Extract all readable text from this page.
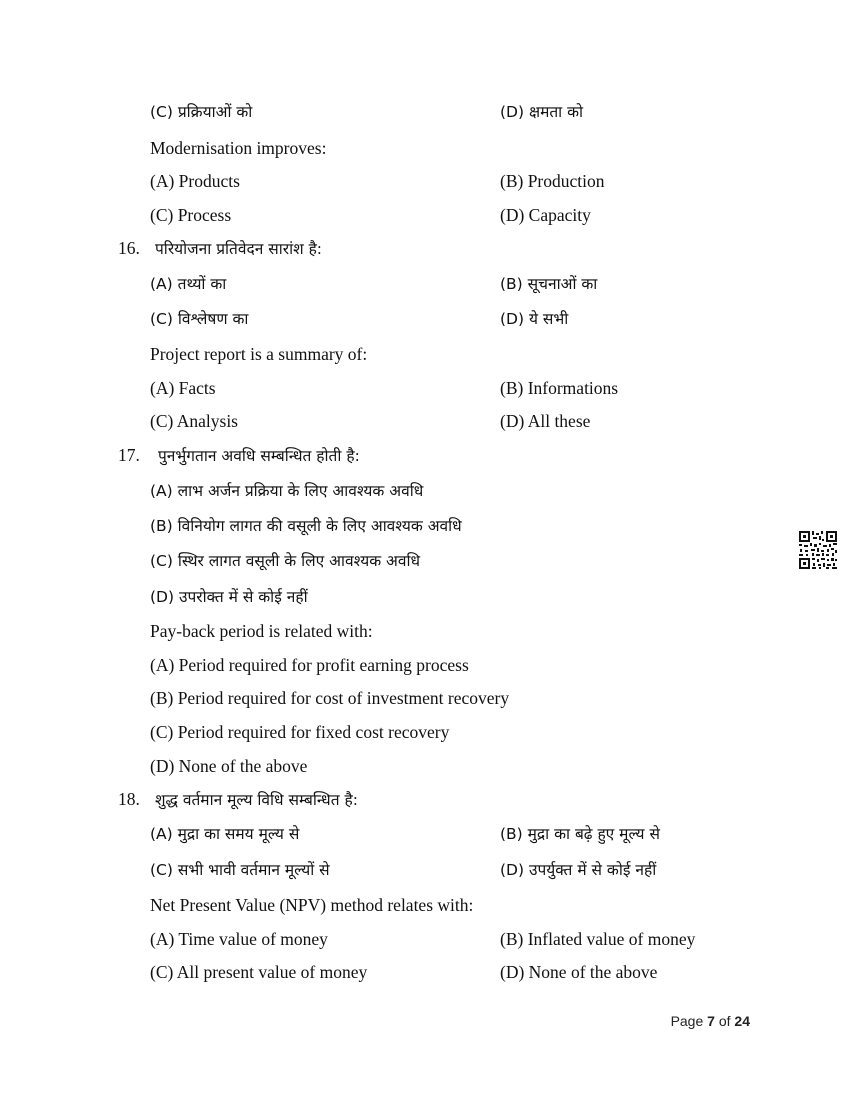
(C) प्रक्रियाओं को	(D) क्षमता को
Modernisation improves:
(A) Products	(B) Production
(C) Process	(D) Capacity
16. परियोजना प्रतिवेदन सारांश है:
(A) तथ्यों का	(B) सूचनाओं का
(C) विश्लेषण का	(D) ये सभी
Project report is a summary of:
(A) Facts	(B) Informations
(C) Analysis	(D) All these
17. पुनर्भुगतान अवधि सम्बन्धित होती है:
(A) लाभ अर्जन प्रक्रिया के लिए आवश्यक अवधि
(B) विनियोग लागत की वसूली के लिए आवश्यक अवधि
(C) स्थिर लागत वसूली के लिए आवश्यक अवधि
(D) उपरोक्त में से कोई नहीं
Pay-back period is related with:
(A) Period required for profit earning process
(B) Period required for cost of investment recovery
(C) Period required for fixed cost recovery
(D) None of the above
18. शुद्ध वर्तमान मूल्य विधि सम्बन्धित है:
(A) मुद्रा का समय मूल्य से	(B) मुद्रा का बढ़े हुए मूल्य से
(C) सभी भावी वर्तमान मूल्यों से	(D) उपर्युक्त में से कोई नहीं
Net Present Value (NPV) method relates with:
(A) Time value of money	(B) Inflated value of money
(C) All present value of money	(D) None of the above
Page 7 of 24
